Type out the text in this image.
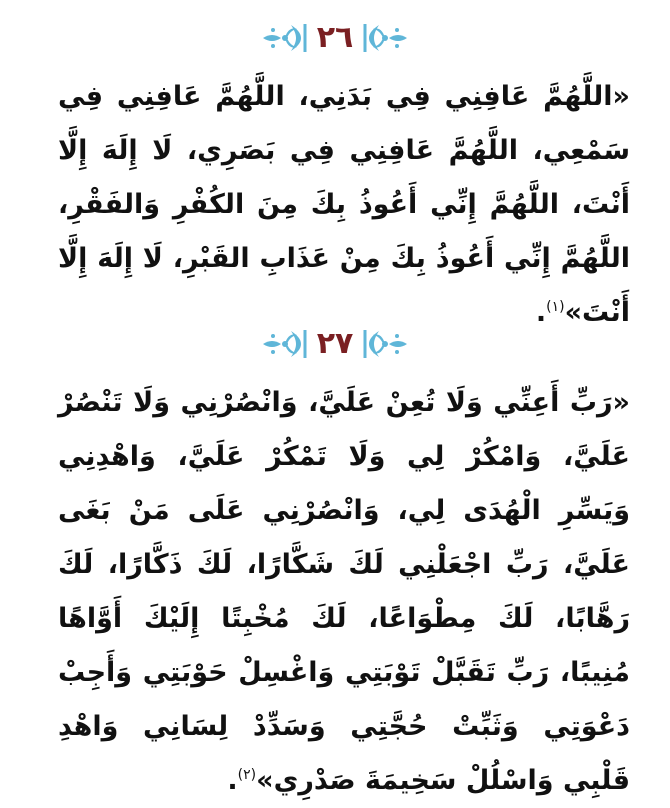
٢٦
«اللَّهُمَّ عَافِنِي فِي بَدَنِي، اللَّهُمَّ عَافِنِي فِي سَمْعِي، اللَّهُمَّ عَافِنِي فِي بَصَرِي، لَا إِلَهَ إِلَّا أَنْتَ، اللَّهُمَّ إِنِّي أَعُوذُ بِكَ مِنَ الكُفْرِ وَالفَقْرِ، اللَّهُمَّ إِنِّي أَعُوذُ بِكَ مِنْ عَذَابِ القَبْرِ، لَا إِلَهَ إِلَّا أَنْتَ»$^{(١)}$.
٢٧
«رَبِّ أَعِنِّي وَلَا تُعِنْ عَلَيَّ، وَانْصُرْنِي وَلَا تَنْصُرْ عَلَيَّ، وَامْكُرْ لِي وَلَا تَمْكُرْ عَلَيَّ، وَاهْدِنِي وَيَسِّرِ الْهُدَى لِي، وَانْصُرْنِي عَلَى مَنْ بَغَى عَلَيَّ، رَبِّ اجْعَلْنِي لَكَ شَكَّارًا، لَكَ ذَكَّارًا، لَكَ رَهَّابًا، لَكَ مِطْوَاعًا، لَكَ مُخْبِتًا إِلَيْكَ أَوَّاهًا مُنِيبًا، رَبِّ تَقَبَّلْ تَوْبَتِي وَاغْسِلْ حَوْبَتِي وَأَجِبْ دَعْوَتِي وَثَبِّتْ حُجَّتِي وَسَدِّدْ لِسَانِي وَاهْدِ قَلْبِي وَاسْلُلْ سَخِيمَةَ صَدْرِي»$^{(٢)}$.
